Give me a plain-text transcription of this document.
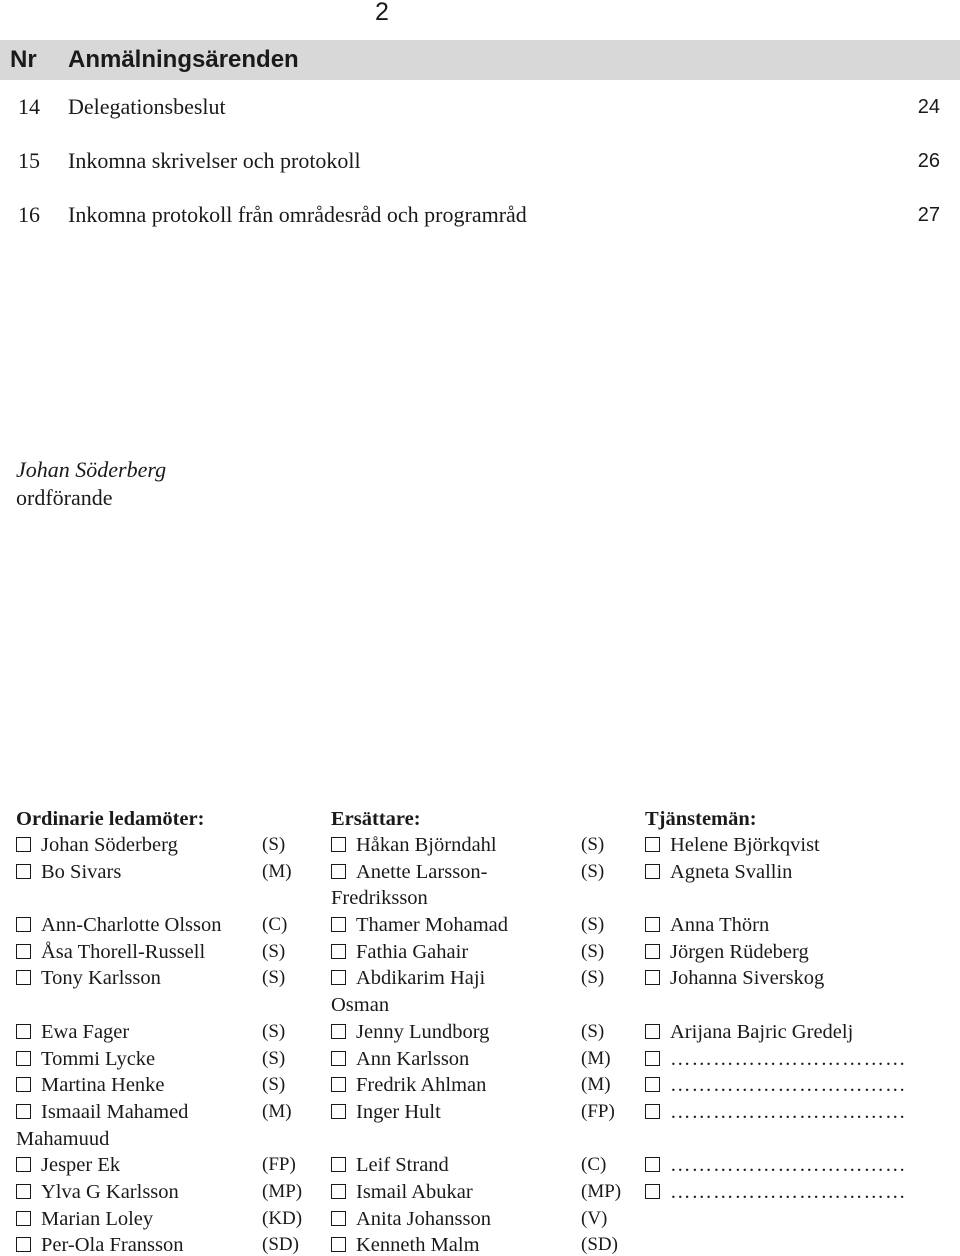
2
Nr Anmälningsärenden
14 Delegationsbeslut	24
15 Inkomna skrivelser och protokoll	26
16 Inkomna protokoll från områdesråd och programråd	27
Johan Söderberg
ordförande
Ordinarie ledamöter:
Johan Söderberg	(S)
Bo Sivars	(M)
Ann-Charlotte Olsson (C)
Åsa Thorell-Russell	(S)
Tony Karlsson	(S)
Ewa Fager	(S)
Tommi Lycke	(S)
Martina Henke	(S)
Ismaail Mahamed
Mahamuud
(M)
Jesper Ek	(FP)
Ylva G Karlsson	(MP)
Marian Loley	(KD)
Per-Ola Fransson	(SD)
Ersättare:
Håkan Björndahl	(S)
Anette Larsson-
Fredriksson
(S)
Thamer Mohamad	(S)
Fathia Gahair	(S)
Abdikarim Haji
Osman
(S)
Jenny Lundborg	(S)
Ann Karlsson	(M)
Fredrik Ahlman	(M)
Inger Hult	(FP)
Leif Strand	(C)
Ismail Abukar	(MP)
Anita Johansson	(V)
Kenneth Malm	(SD)
Tjänstemän:
Helene Björkqvist
Agneta Svallin
Anna Thörn
Jörgen Rüdeberg
Johanna Siverskog
Arijana Bajric Gredelj
……………………………
……………………………
……………………………
……………………………
……………………………
